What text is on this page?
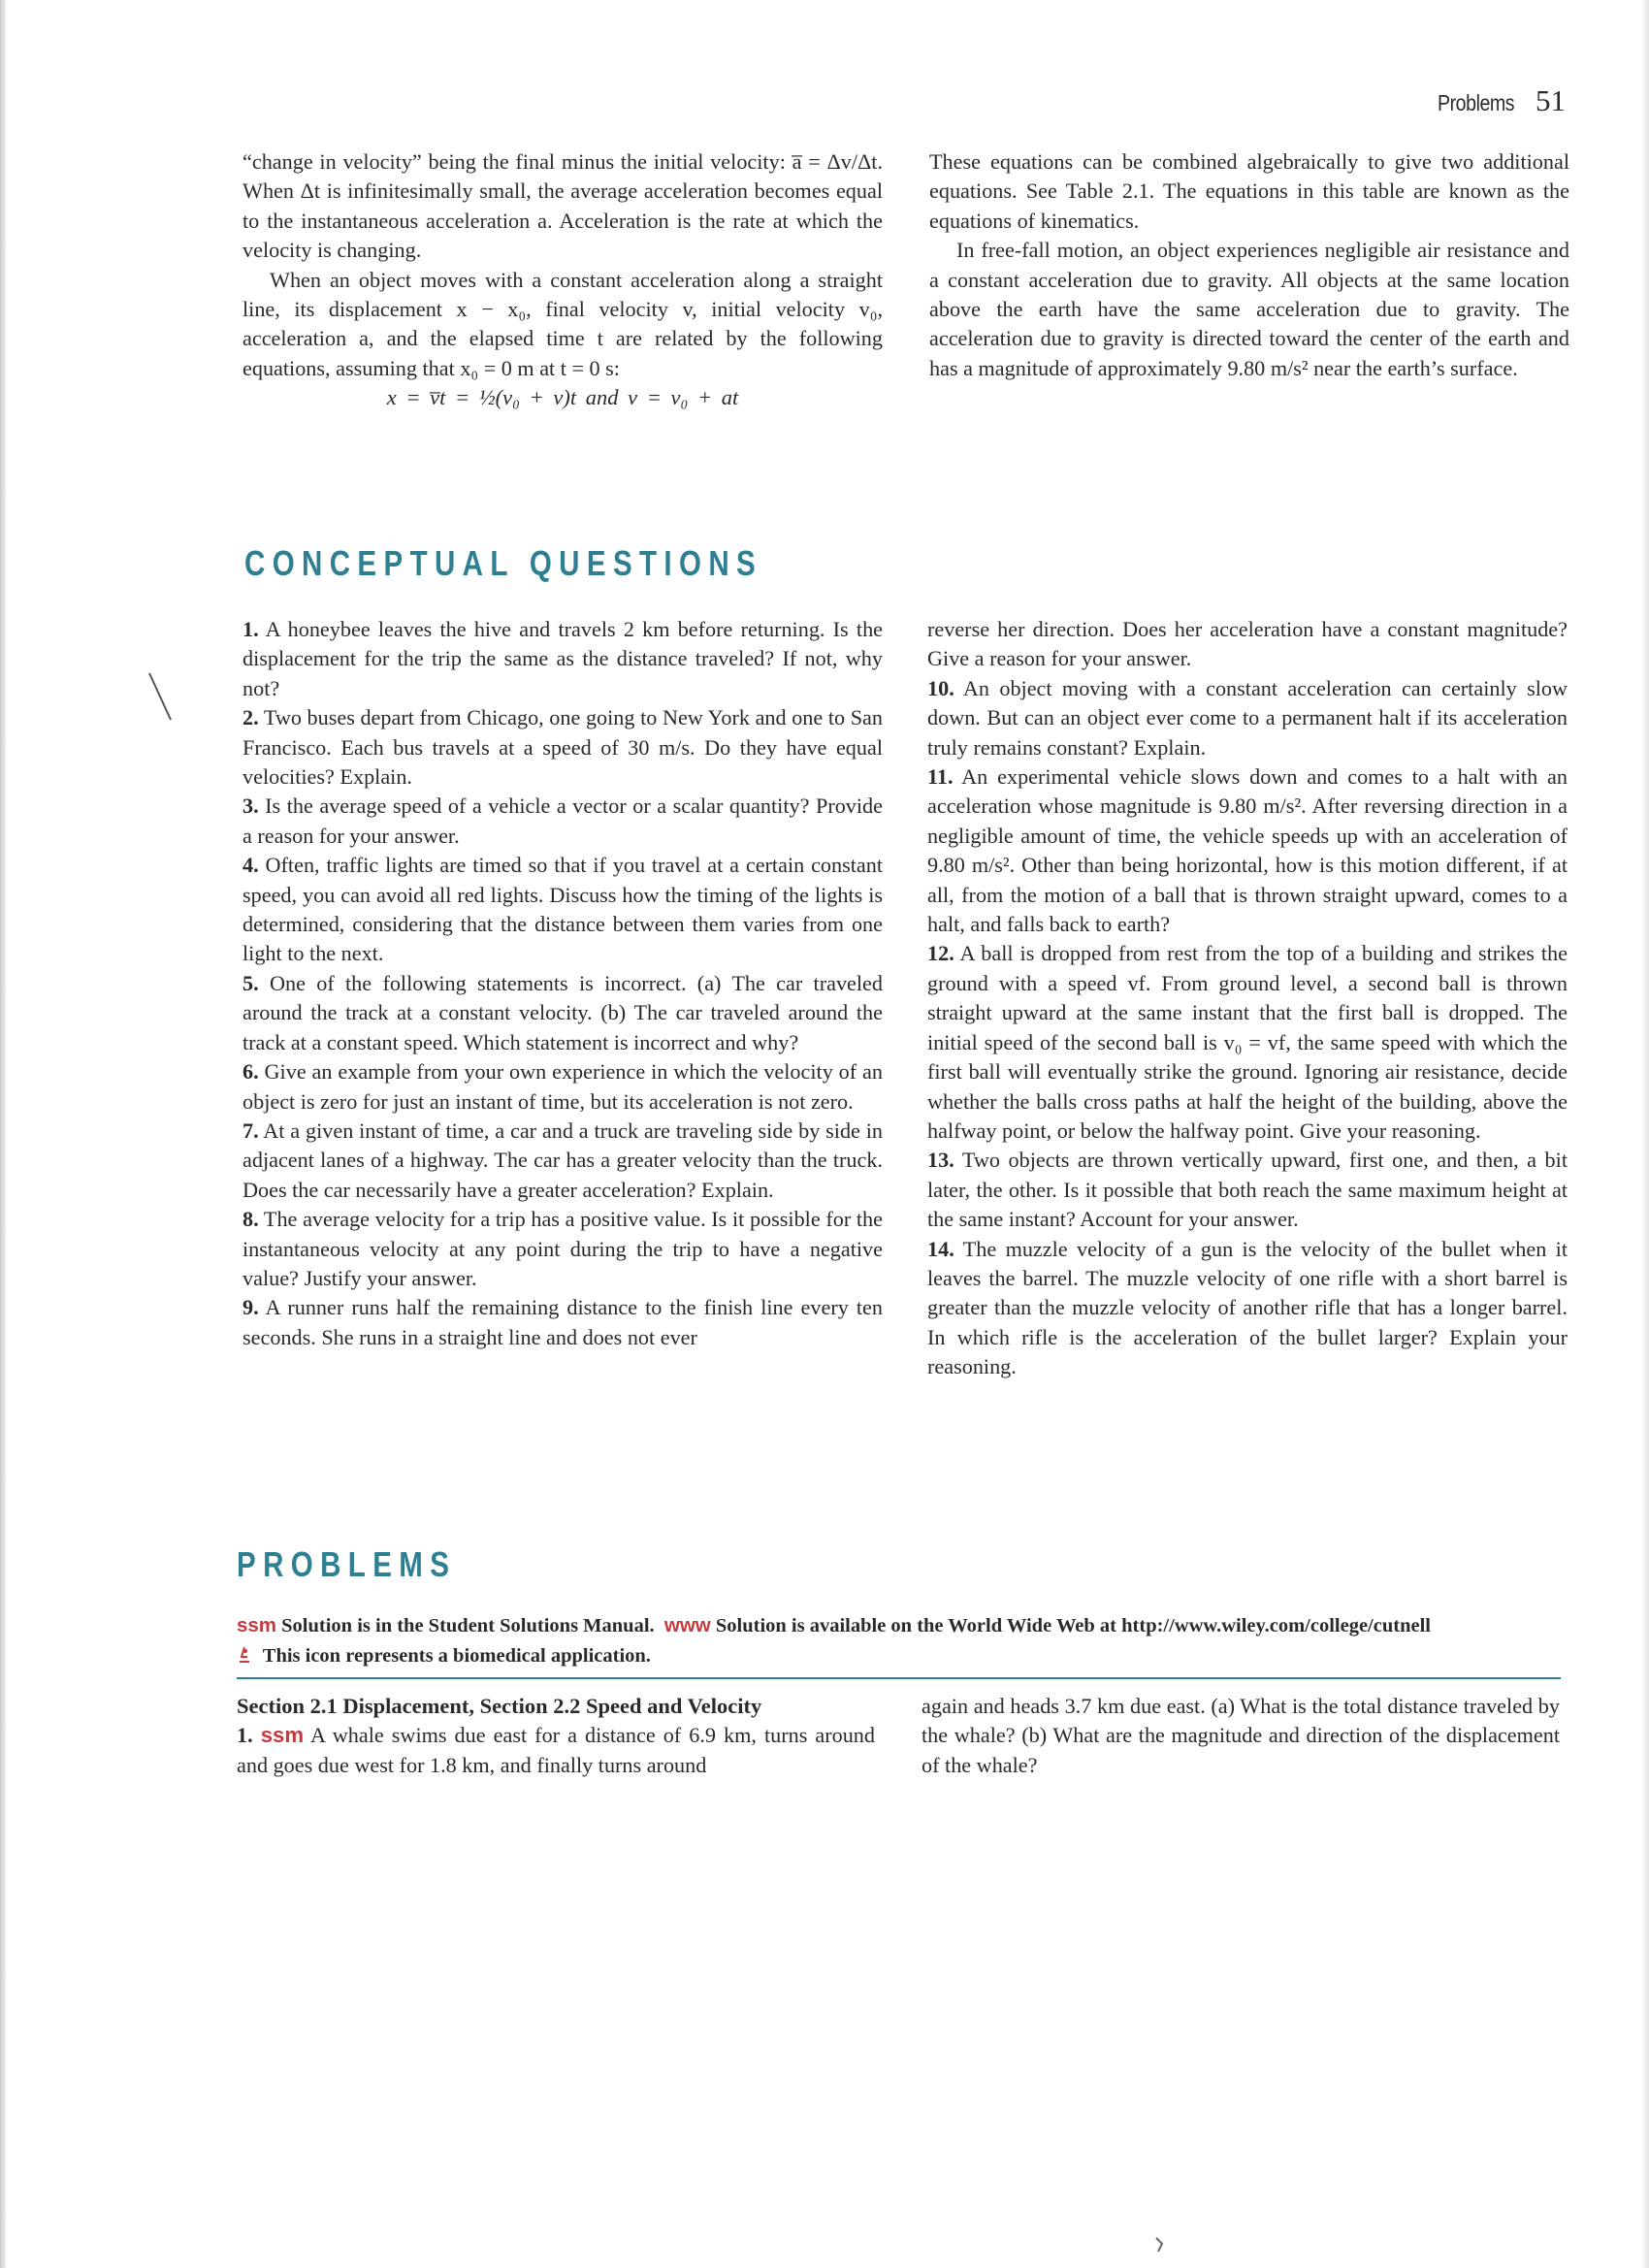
Problems 51

“change in velocity” being the final minus the initial velocity: a̅ = Δv/Δt. When Δt is infinitesimally small, the average acceleration becomes equal to the instantaneous acceleration a. Acceleration is the rate at which the velocity is changing.

When an object moves with a constant acceleration along a straight line, its displacement x − x₀, final velocity v, initial velocity v₀, acceleration a, and the elapsed time t are related by the following equations, assuming that x₀ = 0 m at t = 0 s:

x = v̅t = ½(v₀ + v)t and v = v₀ + at

These equations can be combined algebraically to give two additional equations. See Table 2.1. The equations in this table are known as the equations of kinematics.

In free-fall motion, an object experiences negligible air resistance and a constant acceleration due to gravity. All objects at the same location above the earth have the same acceleration due to gravity. The acceleration due to gravity is directed toward the center of the earth and has a magnitude of approximately 9.80 m/s² near the earth’s surface.

CONCEPTUAL QUESTIONS

1. A honeybee leaves the hive and travels 2 km before returning. Is the displacement for the trip the same as the distance traveled? If not, why not?

2. Two buses depart from Chicago, one going to New York and one to San Francisco. Each bus travels at a speed of 30 m/s. Do they have equal velocities? Explain.

3. Is the average speed of a vehicle a vector or a scalar quantity? Provide a reason for your answer.

4. Often, traffic lights are timed so that if you travel at a certain constant speed, you can avoid all red lights. Discuss how the timing of the lights is determined, considering that the distance between them varies from one light to the next.

5. One of the following statements is incorrect. (a) The car traveled around the track at a constant velocity. (b) The car traveled around the track at a constant speed. Which statement is incorrect and why?

6. Give an example from your own experience in which the velocity of an object is zero for just an instant of time, but its acceleration is not zero.

7. At a given instant of time, a car and a truck are traveling side by side in adjacent lanes of a highway. The car has a greater velocity than the truck. Does the car necessarily have a greater acceleration? Explain.

8. The average velocity for a trip has a positive value. Is it possible for the instantaneous velocity at any point during the trip to have a negative value? Justify your answer.

9. A runner runs half the remaining distance to the finish line every ten seconds. She runs in a straight line and does not ever

reverse her direction. Does her acceleration have a constant magnitude? Give a reason for your answer.

10. An object moving with a constant acceleration can certainly slow down. But can an object ever come to a permanent halt if its acceleration truly remains constant? Explain.

11. An experimental vehicle slows down and comes to a halt with an acceleration whose magnitude is 9.80 m/s². After reversing direction in a negligible amount of time, the vehicle speeds up with an acceleration of 9.80 m/s². Other than being horizontal, how is this motion different, if at all, from the motion of a ball that is thrown straight upward, comes to a halt, and falls back to earth?

12. A ball is dropped from rest from the top of a building and strikes the ground with a speed vf. From ground level, a second ball is thrown straight upward at the same instant that the first ball is dropped. The initial speed of the second ball is v₀ = vf, the same speed with which the first ball will eventually strike the ground. Ignoring air resistance, decide whether the balls cross paths at half the height of the building, above the halfway point, or below the halfway point. Give your reasoning.

13. Two objects are thrown vertically upward, first one, and then, a bit later, the other. Is it possible that both reach the same maximum height at the same instant? Account for your answer.

14. The muzzle velocity of a gun is the velocity of the bullet when it leaves the barrel. The muzzle velocity of one rifle with a short barrel is greater than the muzzle velocity of another rifle that has a longer barrel. In which rifle is the acceleration of the bullet larger? Explain your reasoning.

PROBLEMS
ssm Solution is in the Student Solutions Manual. www Solution is available on the World Wide Web at http://www.wiley.com/college/cutnell
This icon represents a biomedical application.

Section 2.1 Displacement, Section 2.2 Speed and Velocity

1. ssm A whale swims due east for a distance of 6.9 km, turns around and goes due west for 1.8 km, and finally turns around

again and heads 3.7 km due east. (a) What is the total distance traveled by the whale? (b) What are the magnitude and direction of the displacement of the whale?
